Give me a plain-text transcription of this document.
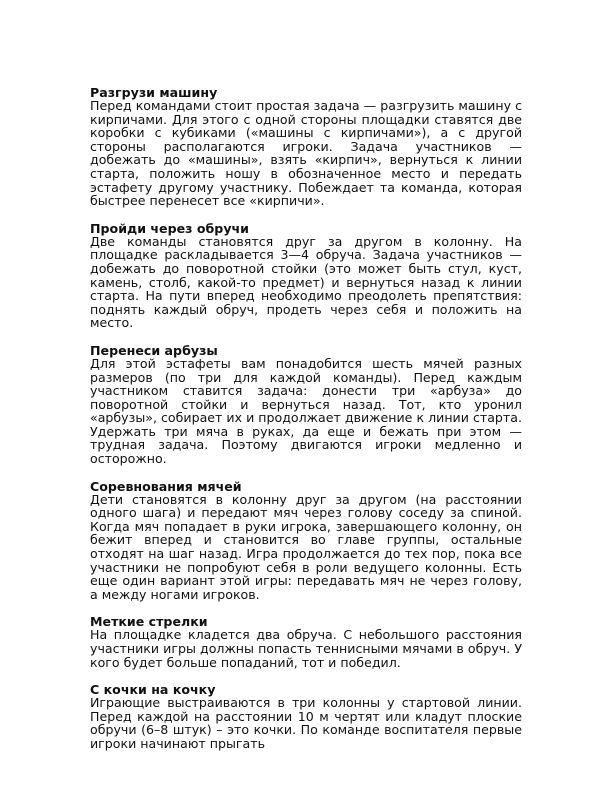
Разгрузи машину

Перед командами стоит простая задача — разгрузить машину с кирпичами. Для этого с одной стороны площадки ставятся две коробки с кубиками («машины с кирпичами»), а с другой стороны располагаются игроки. Задача участников — добежать до «машины», взять «кирпич», вернуться к линии старта, положить ношу в обозначенное место и передать эстафету другому участнику. Побеждает та команда, которая быстрее перенесет все «кирпичи».

Пройди через обручи

Две команды становятся друг за другом в колонну. На площадке раскладывается 3—4 обруча. Задача участников — добежать до поворотной стойки (это может быть стул, куст, камень, столб, какой-то предмет) и вернуться назад к линии старта. На пути вперед необходимо преодолеть препятствия: поднять каждый обруч, продеть через себя и положить на место.

Перенеси арбузы

Для этой эстафеты вам понадобится шесть мячей разных размеров (по три для каждой команды). Перед каждым участником ставится задача: донести три «арбуза» до поворотной стойки и вернуться назад. Тот, кто уронил «арбузы», собирает их и продолжает движение к линии старта. Удержать три мяча в руках, да еще и бежать при этом — трудная задача. Поэтому двигаются игроки медленно и осторожно.

Соревнования мячей

Дети становятся в колонну друг за другом (на расстоянии одного шага) и передают мяч через голову соседу за спиной. Когда мяч попадает в руки игрока, завершающего колонну, он бежит вперед и становится во главе группы, остальные отходят на шаг назад. Игра продолжается до тех пор, пока все участники не попробуют себя в роли ведущего колонны. Есть еще один вариант этой игры: передавать мяч не через голову, а между ногами игроков.

Меткие стрелки

На площадке кладется два обруча. С небольшого расстояния участники игры должны попасть теннисными мячами в обруч. У кого будет больше попаданий, тот и победил.

С кочки на кочку

Играющие выстраиваются в три колонны у стартовой линии. Перед каждой на расстоянии 10 м чертят или кладут плоские обручи (6–8 штук) – это кочки. По команде воспитателя первые игроки начинают прыгать
